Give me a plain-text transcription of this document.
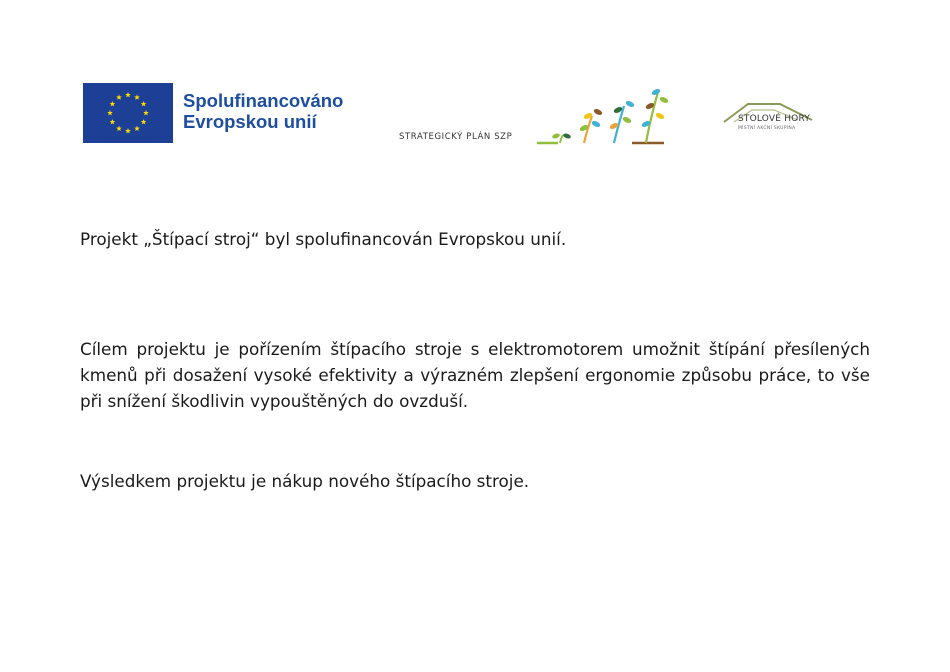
Spolufinancováno
Evropskou unií
STRATEGICKÝ PLÁN SZP
STOLOVÉ HORY
MÍSTNÍ AKČNÍ SKUPINA

Projekt „Štípací stroj“ byl spolufinancován Evropskou unií.

Cílem projektu je pořízením štípacího stroje s elektromotorem umožnit štípání přesílených kmenů při dosažení vysoké efektivity a výrazném zlepšení ergonomie způsobu práce, to vše při snížení škodlivin vypouštěných do ovzduší.

Výsledkem projektu je nákup nového štípacího stroje.
